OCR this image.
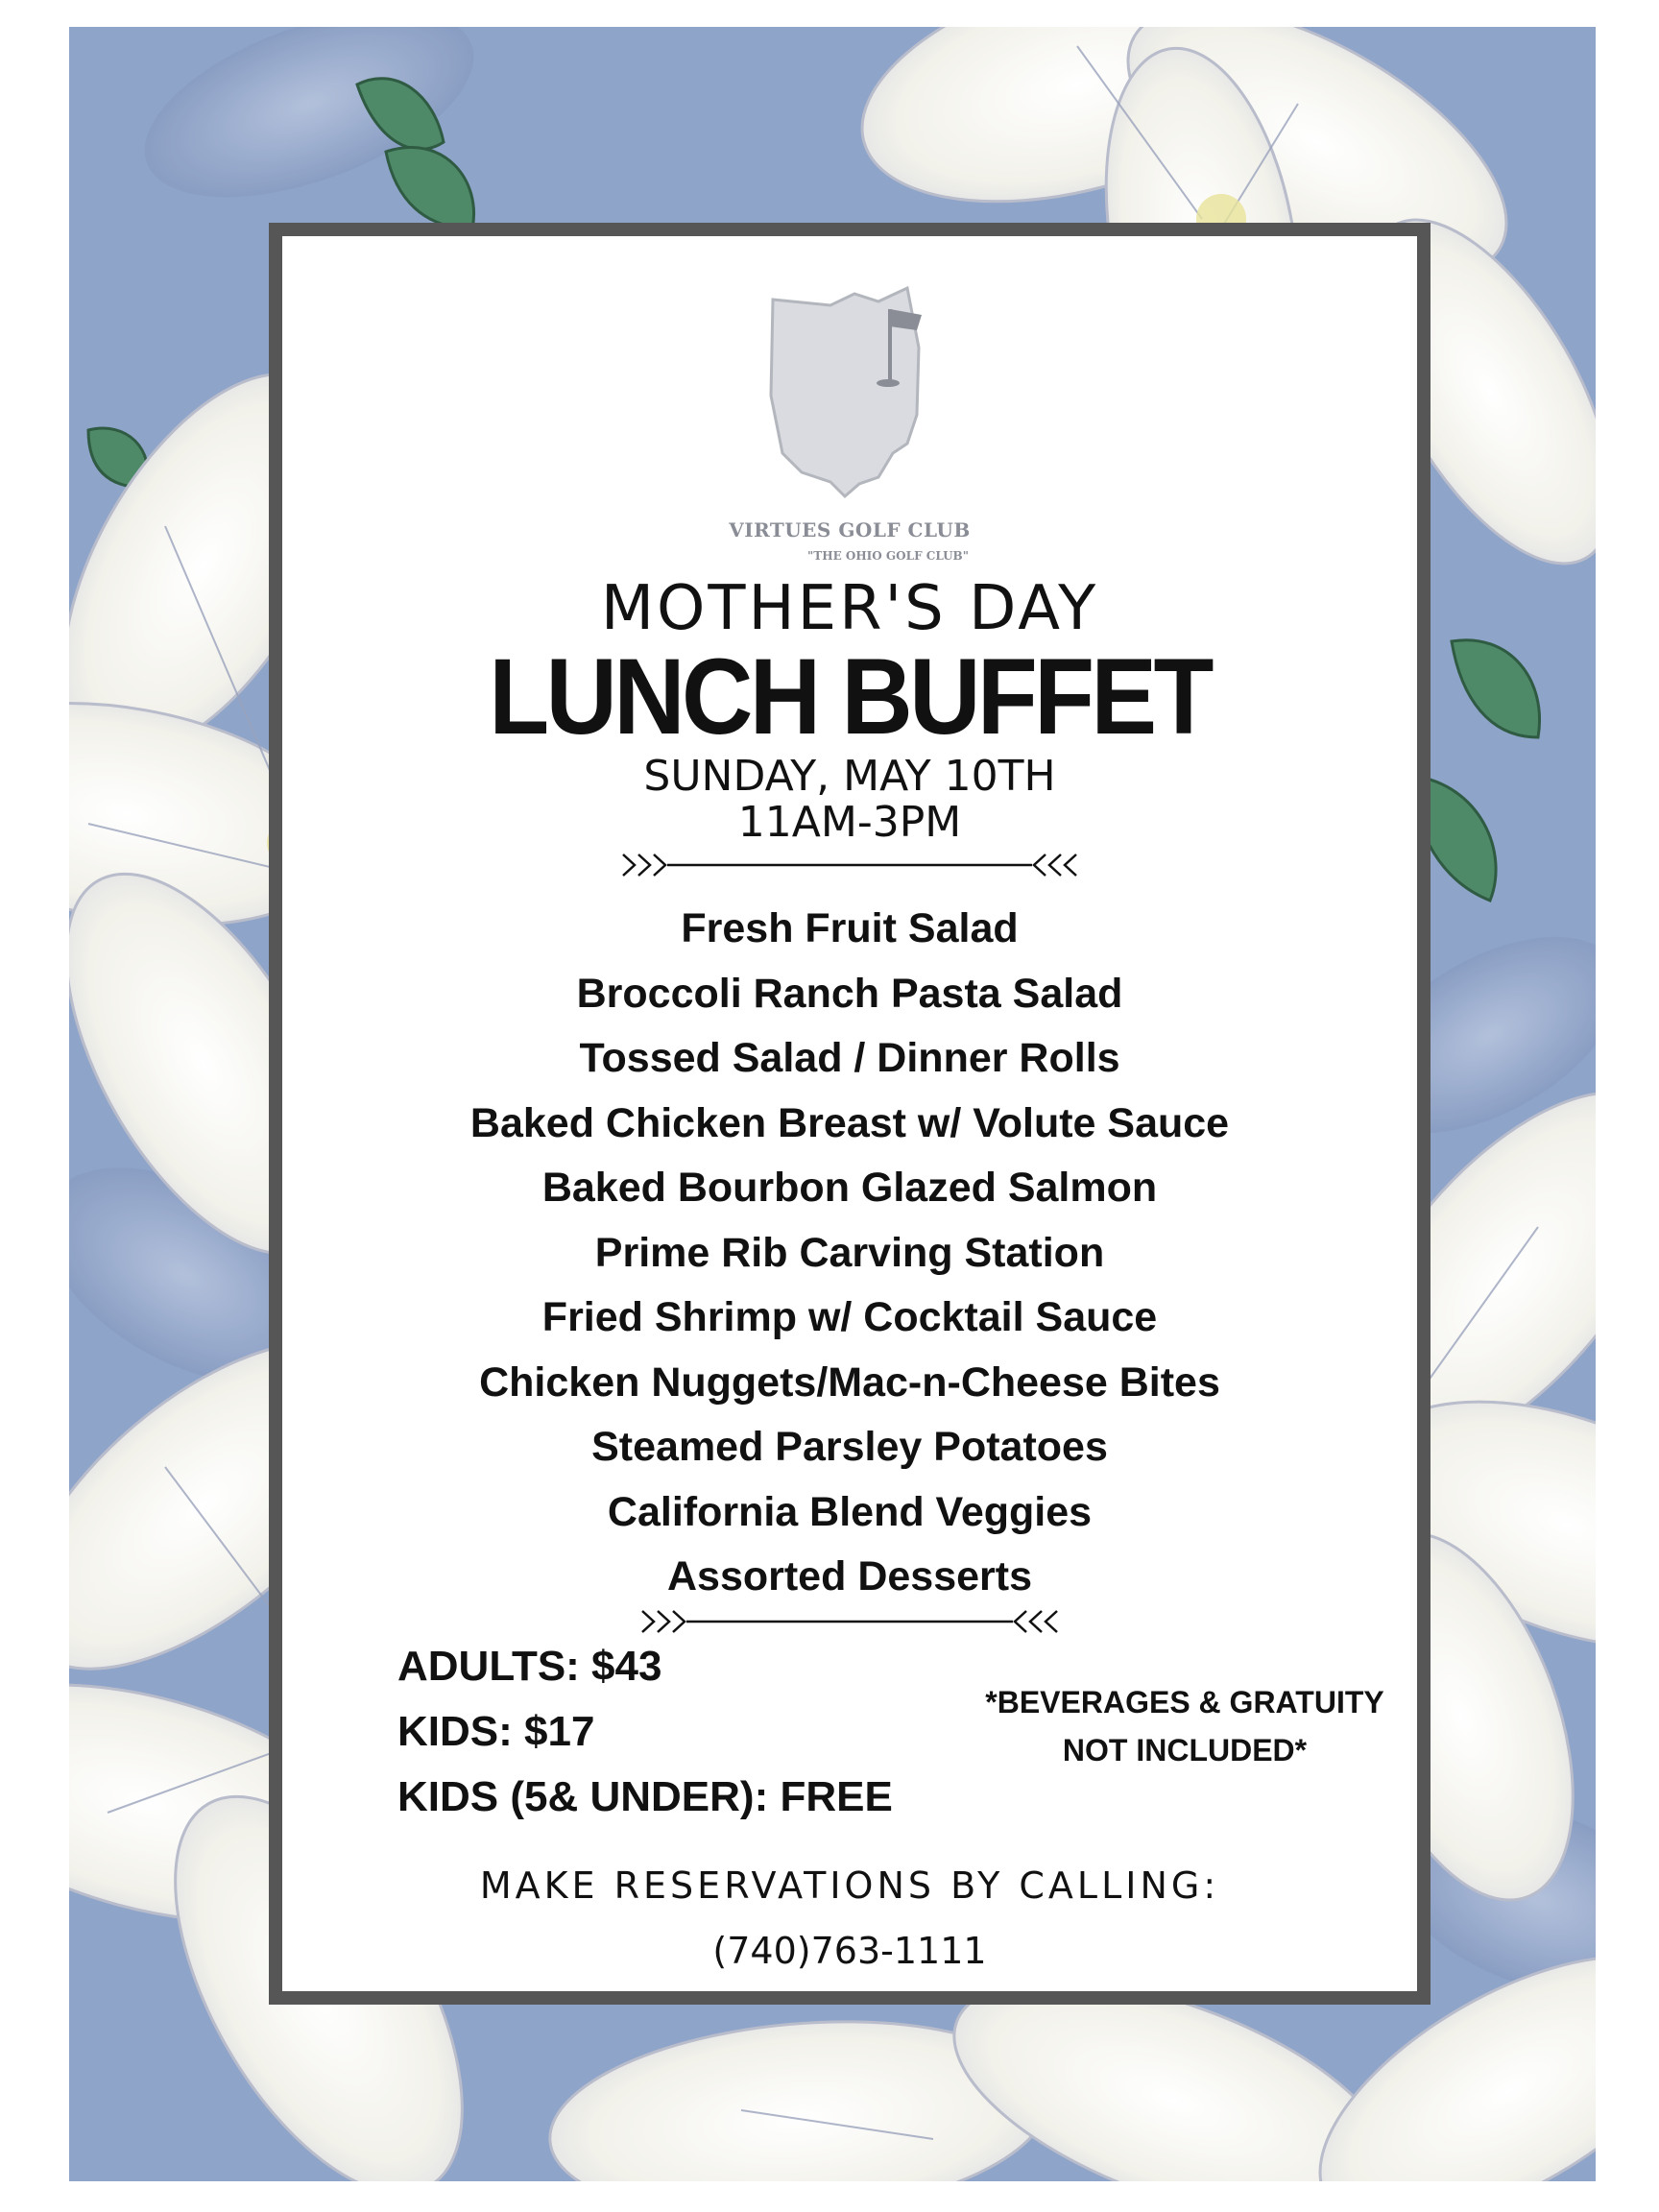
VIRTUES GOLF CLUB
"THE OHIO GOLF CLUB"
MOTHER'S DAY
LUNCH BUFFET
SUNDAY, MAY 10TH
11AM-3PM
Fresh Fruit Salad
Broccoli Ranch Pasta Salad
Tossed Salad / Dinner Rolls
Baked Chicken Breast w/ Volute Sauce
Baked Bourbon Glazed Salmon
Prime Rib Carving Station
Fried Shrimp w/ Cocktail Sauce
Chicken Nuggets/Mac-n-Cheese Bites
Steamed Parsley Potatoes
California Blend Veggies
Assorted Desserts
ADULTS: $43
KIDS: $17
KIDS (5& UNDER): FREE
*BEVERAGES & GRATUITY
NOT INCLUDED*
MAKE RESERVATIONS BY CALLING:
(740)763-1111
